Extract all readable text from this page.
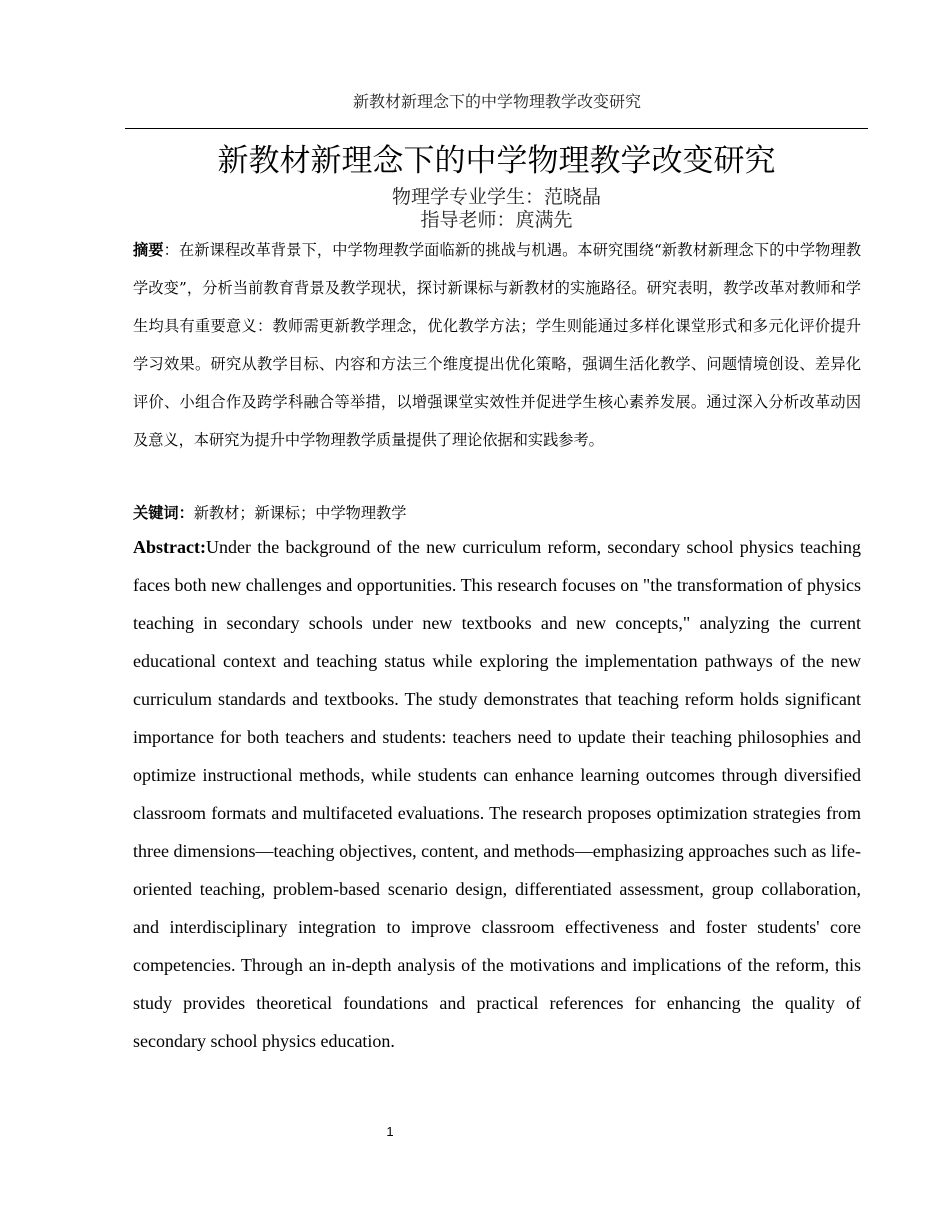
新教材新理念下的中学物理教学改变研究
新教材新理念下的中学物理教学改变研究
物理学专业学生：范晓晶
指导老师：庹满先
摘要：在新课程改革背景下，中学物理教学面临新的挑战与机遇。本研究围绕“新教材新理念下的中学物理教学改变”，分析当前教育背景及教学现状，探讨新课标与新教材的实施路径。研究表明，教学改革对教师和学生均具有重要意义：教师需更新教学理念，优化教学方法；学生则能通过多样化课堂形式和多元化评价提升学习效果。研究从教学目标、内容和方法三个维度提出优化策略，强调生活化教学、问题情境创设、差异化评价、小组合作及跨学科融合等举措，以增强课堂实效性并促进学生核心素养发展。通过深入分析改革动因及意义，本研究为提升中学物理教学质量提供了理论依据和实践参考。
关键词：新教材；新课标；中学物理教学
Abstract:Under the background of the new curriculum reform, secondary school physics teaching faces both new challenges and opportunities. This research focuses on "the transformation of physics teaching in secondary schools under new textbooks and new concepts," analyzing the current educational context and teaching status while exploring the implementation pathways of the new curriculum standards and textbooks. The study demonstrates that teaching reform holds significant importance for both teachers and students: teachers need to update their teaching philosophies and optimize instructional methods, while students can enhance learning outcomes through diversified classroom formats and multifaceted evaluations. The research proposes optimization strategies from three dimensions—teaching objectives, content, and methods—emphasizing approaches such as life-oriented teaching, problem-based scenario design, differentiated assessment, group collaboration, and interdisciplinary integration to improve classroom effectiveness and foster students' core competencies. Through an in-depth analysis of the motivations and implications of the reform, this study provides theoretical foundations and practical references for enhancing the quality of secondary school physics education.
1
